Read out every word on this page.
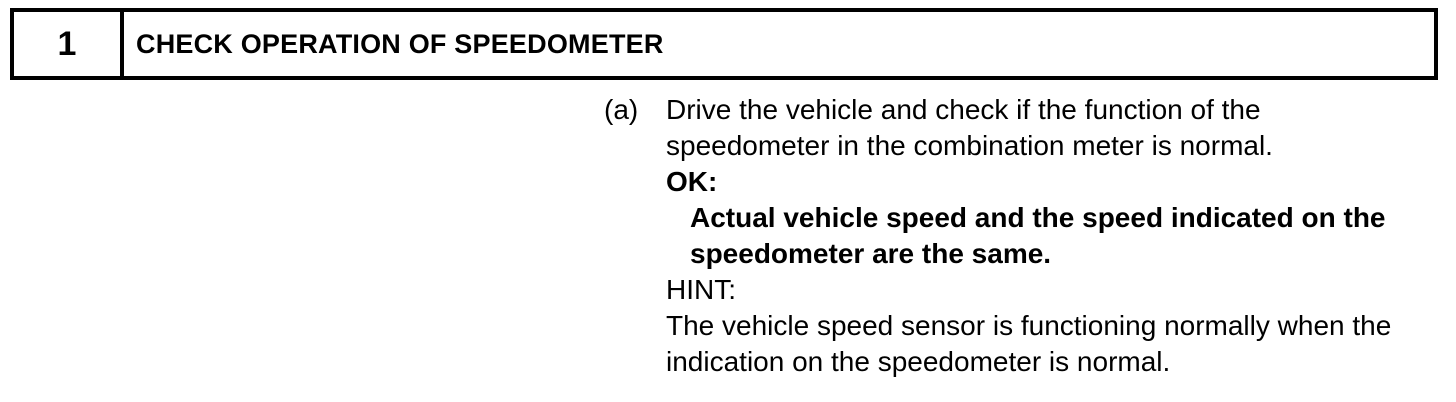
1	CHECK OPERATION OF SPEEDOMETER
(a) Drive the vehicle and check if the function of the speedometer in the combination meter is normal.
OK:
Actual vehicle speed and the speed indicated on the speedometer are the same.
HINT:
The vehicle speed sensor is functioning normally when the indication on the speedometer is normal.
